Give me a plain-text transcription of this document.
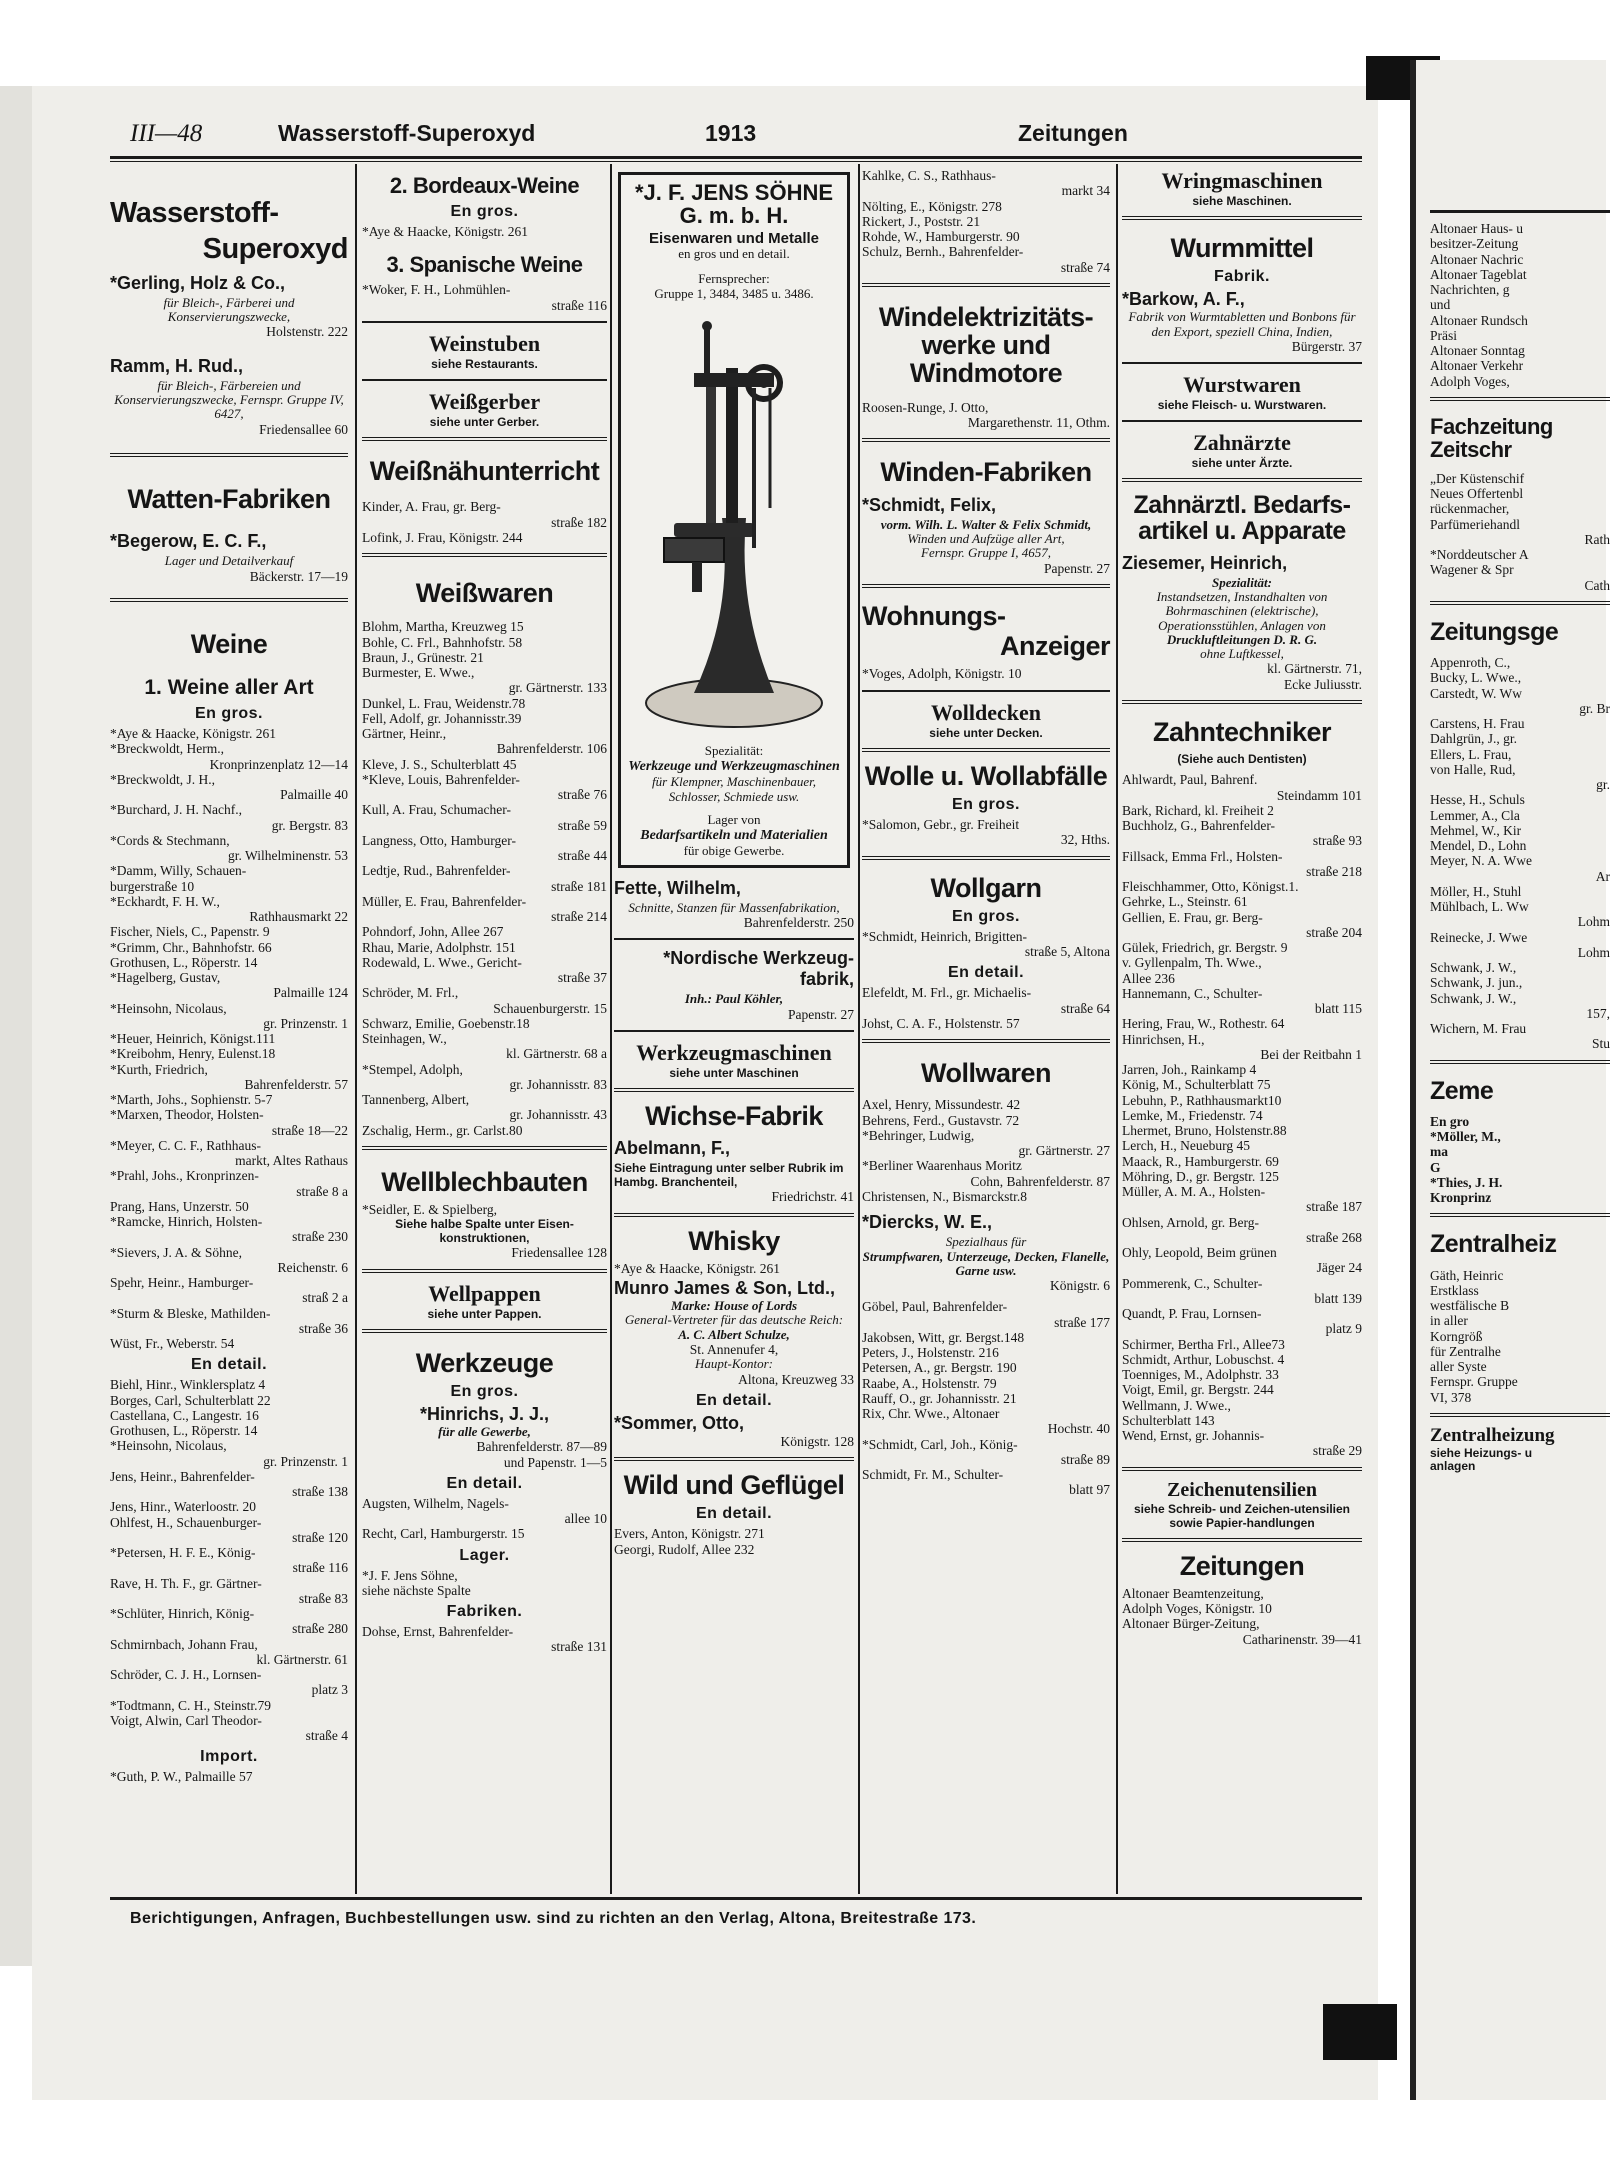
III—48	Wasserstoff-Superoxyd	1913	Zeitungen
Wasserstoff-
Superoxyd
*Gerling, Holz & Co.,
für Bleich-, Färberei und Konservierungszwecke,
Holstenstr. 222
Ramm, H. Rud.,
für Bleich-, Färbereien und Konservierungszwecke, Fernspr. Gruppe IV, 6427,
Friedensallee 60
Watten-Fabriken
*Begerow, E. C. F.,
Lager und Detailverkauf
Bäckerstr. 17—19
Weine
1. Weine aller Art
En gros.
*Aye & Haacke, Königstr. 261
*Breckwoldt, Herm.,
Kronprinzenplatz 12—14
*Breckwoldt, J. H.,
Palmaille 40
*Burchard, J. H. Nachf.,
gr. Bergstr. 83
*Cords & Stechmann,
gr. Wilhelminenstr. 53
*Damm, Willy, Schauen-
burgerstraße 10
*Eckhardt, F. H. W.,
Rathhausmarkt 22
Fischer, Niels, C., Papenstr. 9
*Grimm, Chr., Bahnhofstr. 66
Grothusen, L., Röperstr. 14
*Hagelberg, Gustav,
Palmaille 124
*Heinsohn, Nicolaus,
gr. Prinzenstr. 1
*Heuer, Heinrich, Königst.111
*Kreibohm, Henry, Eulenst.18
*Kurth, Friedrich,
Bahrenfelderstr. 57
*Marth, Johs., Sophienstr. 5-7
*Marxen, Theodor, Holsten-
straße 18—22
*Meyer, C. C. F., Rathhaus-
markt, Altes Rathaus
*Prahl, Johs., Kronprinzen-
straße 8 a
Prang, Hans, Unzerstr. 50
*Ramcke, Hinrich, Holsten-
straße 230
*Sievers, J. A. & Söhne,
Reichenstr. 6
Spehr, Heinr., Hamburger-
straß 2 a
*Sturm & Bleske, Mathilden-
straße 36
Wüst, Fr., Weberstr. 54
En detail.
Biehl, Hinr., Winklersplatz 4
Borges, Carl, Schulterblatt 22
Castellana, C., Langestr. 16
Grothusen, L., Röperstr. 14
*Heinsohn, Nicolaus,
gr. Prinzenstr. 1
Jens, Heinr., Bahrenfelder-
straße 138
Jens, Hinr., Waterloostr. 20
Ohlfest, H., Schauenburger-
straße 120
*Petersen, H. F. E., König-
straße 116
Rave, H. Th. F., gr. Gärtner-
straße 83
*Schlüter, Hinrich, König-
straße 280
Schmirnbach, Johann Frau,
kl. Gärtnerstr. 61
Schröder, C. J. H., Lornsen-
platz 3
*Todtmann, C. H., Steinstr.79
Voigt, Alwin, Carl Theodor-
straße 4
Import.
*Guth, P. W., Palmaille 57
2. Bordeaux-Weine
En gros.
*Aye & Haacke, Königstr. 261
3. Spanische Weine
*Woker, F. H., Lohmühlen-
straße 116
Weinstuben
siehe Restaurants.
Weißgerber
siehe unter Gerber.
Weißnähunterricht
Kinder, A. Frau, gr. Berg-
straße 182
Lofink, J. Frau, Königstr. 244
Weißwaren
Blohm, Martha, Kreuzweg 15
Bohle, C. Frl., Bahnhofstr. 58
Braun, J., Grünestr. 21
Burmester, E. Wwe.,
gr. Gärtnerstr. 133
Dunkel, L. Frau, Weidenstr.78
Fell, Adolf, gr. Johannisstr.39
Gärtner, Heinr.,
Bahrenfelderstr. 106
Kleve, J. S., Schulterblatt 45
*Kleve, Louis, Bahrenfelder-
straße 76
Kull, A. Frau, Schumacher-
straße 59
Langness, Otto, Hamburger-
straße 44
Ledtje, Rud., Bahrenfelder-
straße 181
Müller, E. Frau, Bahrenfelder-
straße 214
Pohndorf, John, Allee 267
Rhau, Marie, Adolphstr. 151
Rodewald, L. Wwe., Gericht-
straße 37
Schröder, M. Frl.,
Schauenburgerstr. 15
Schwarz, Emilie, Goebenstr.18
Steinhagen, W.,
kl. Gärtnerstr. 68 a
*Stempel, Adolph,
gr. Johannisstr. 83
Tannenberg, Albert,
gr. Johannisstr. 43
Zschalig, Herm., gr. Carlst.80
Wellblechbauten
*Seidler, E. & Spielberg,
Siehe halbe Spalte unter Eisen-konstruktionen,
Friedensallee 128
Wellpappen
siehe unter Pappen.
Werkzeuge
En gros.
*Hinrichs, J. J.,
für alle Gewerbe,
Bahrenfelderstr. 87—89
und Papenstr. 1—5
En detail.
Augsten, Wilhelm, Nagels-
allee 10
Recht, Carl, Hamburgerstr. 15
Lager.
*J. F. Jens Söhne,
siehe nächste Spalte
Fabriken.
Dohse, Ernst, Bahrenfelder-
straße 131
*J. F. JENS SÖHNE
G. m. b. H.
Eisenwaren und Metalle
en gros und en detail.
Fernsprecher:
Gruppe 1, 3484, 3485 u. 3486.
Spezialität:
Werkzeuge und Werkzeugmaschinen
für Klempner, Maschinenbauer, Schlosser, Schmiede usw.
Lager von
Bedarfsartikeln und Materialien
für obige Gewerbe.
Fette, Wilhelm,
Schnitte, Stanzen für Massenfabrikation,
Bahrenfelderstr. 250
*Nordische Werkzeug-fabrik,
Inh.: Paul Köhler,
Papenstr. 27
Werkzeugmaschinen
siehe unter Maschinen
Wichse-Fabrik
Abelmann, F.,
Siehe Eintragung unter selber Rubrik im Hambg. Branchenteil,
Friedrichstr. 41
Whisky
*Aye & Haacke, Königstr. 261
Munro James & Son, Ltd.,
Marke: House of Lords
General-Vertreter für das deutsche Reich:
A. C. Albert Schulze,
St. Annenufer 4,
Haupt-Kontor:
Altona, Kreuzweg 33
En detail.
*Sommer, Otto,
Königstr. 128
Wild und Geflügel
En detail.
Evers, Anton, Königstr. 271
Georgi, Rudolf, Allee 232
Kahlke, C. S., Rathhaus-
markt 34
Nölting, E., Königstr. 278
Rickert, J., Poststr. 21
Rohde, W., Hamburgerstr. 90
Schulz, Bernh., Bahrenfelder-
straße 74
Windelektrizitäts-werke und Windmotore
Roosen-Runge, J. Otto,
Margarethenstr. 11, Othm.
Winden-Fabriken
*Schmidt, Felix,
vorm. Wilh. L. Walter & Felix Schmidt,
Winden und Aufzüge aller Art,
Fernspr. Gruppe I, 4657,
Papenstr. 27
Wohnungs-
Anzeiger
*Voges, Adolph, Königstr. 10
Wolldecken
siehe unter Decken.
Wolle u. Wollabfälle
En gros.
*Salomon, Gebr., gr. Freiheit
32, Hths.
Wollgarn
En gros.
*Schmidt, Heinrich, Brigitten-
straße 5, Altona
En detail.
Elefeldt, M. Frl., gr. Michaelis-
straße 64
Johst, C. A. F., Holstenstr. 57
Wollwaren
Axel, Henry, Missundestr. 42
Behrens, Ferd., Gustavstr. 72
*Behringer, Ludwig,
gr. Gärtnerstr. 27
*Berliner Waarenhaus Moritz
Cohn, Bahrenfelderstr. 87
Christensen, N., Bismarckstr.8
*Diercks, W. E.,
Spezialhaus für
Strumpfwaren, Unterzeuge, Decken, Flanelle, Garne usw.
Königstr. 6
Göbel, Paul, Bahrenfelder-
straße 177
Jakobsen, Witt, gr. Bergst.148
Peters, J., Holstenstr. 216
Petersen, A., gr. Bergstr. 190
Raabe, A., Holstenstr. 79
Rauff, O., gr. Johannisstr. 21
Rix, Chr. Wwe., Altonaer
Hochstr. 40
*Schmidt, Carl, Joh., König-
straße 89
Schmidt, Fr. M., Schulter-
blatt 97
Wringmaschinen
siehe Maschinen.
Wurmmittel
Fabrik.
*Barkow, A. F.,
Fabrik von Wurmtabletten und Bonbons für den Export, speziell China, Indien,
Bürgerstr. 37
Wurstwaren
siehe Fleisch- u. Wurstwaren.
Zahnärzte
siehe unter Ärzte.
Zahnärztl. Bedarfs-artikel u. Apparate
Ziesemer, Heinrich,
Spezialität:
Instandsetzen, Instandhalten von Bohrmaschinen (elektrische), Operationsstühlen, Anlagen von
Druckluftleitungen D. R. G.
ohne Luftkessel,
kl. Gärtnerstr. 71,
Ecke Juliusstr.
Zahntechniker
(Siehe auch Dentisten)
Ahlwardt, Paul, Bahrenf.
Steindamm 101
Bark, Richard, kl. Freiheit 2
Buchholz, G., Bahrenfelder-
straße 93
Fillsack, Emma Frl., Holsten-
straße 218
Fleischhammer, Otto, Königst.1.
Gehrke, L., Steinstr. 61
Gellien, E. Frau, gr. Berg-
straße 204
Gülek, Friedrich, gr. Bergstr. 9
v. Gyllenpalm, Th. Wwe.,
Allee 236
Hannemann, C., Schulter-
blatt 115
Hering, Frau, W., Rothestr. 64
Hinrichsen, H.,
Bei der Reitbahn 1
Jarren, Joh., Rainkamp 4
König, M., Schulterblatt 75
Lebuhn, P., Rathhausmarkt10
Lemke, M., Friedenstr. 74
Lhermet, Bruno, Holstenstr.88
Lerch, H., Neueburg 45
Maack, R., Hamburgerstr. 69
Möhring, D., gr. Bergstr. 125
Müller, A. M. A., Holsten-
straße 187
Ohlsen, Arnold, gr. Berg-
straße 268
Ohly, Leopold, Beim grünen
Jäger 24
Pommerenk, C., Schulter-
blatt 139
Quandt, P. Frau, Lornsen-
platz 9
Schirmer, Bertha Frl., Allee73
Schmidt, Arthur, Lobuschst. 4
Toenniges, M., Adolphstr. 33
Voigt, Emil, gr. Bergstr. 244
Wellmann, J. Wwe.,
Schulterblatt 143
Wend, Ernst, gr. Johannis-
straße 29
Zeichenutensilien
siehe Schreib- und Zeichen-utensilien sowie Papier-handlungen
Zeitungen
Altonaer Beamtenzeitung,
Adolph Voges, Königstr. 10
Altonaer Bürger-Zeitung,
Catharinenstr. 39—41
Berichtigungen, Anfragen, Buchbestellungen usw. sind zu richten an den Verlag, Altona, Breitestraße 173.
Altonaer Haus- u
besitzer-Zeitung
Altonaer Nachric
Altonaer Tageblat
Nachrichten, g
und
Altonaer Rundsch
Präsi
Altonaer Sonntag
Altonaer Verkehr
Adolph Voges,
Fachzeitung Zeitschr
„Der Küstenschif
Neues Offertenbl
rückenmacher,
Parfümeriehandl
Rath
*Norddeutscher A
Wagener & Spr
Cath
Zeitungsge
Appenroth, C.,
Bucky, L. Wwe.,
Carstedt, W. Ww
gr. Br
Carstens, H. Frau
Dahlgrün, J., gr.
Ellers, L. Frau,
von Halle, Rud,
gr.
Hesse, H., Schuls
Lemmer, A., Cla
Mehmel, W., Kir
Mendel, D., Lohn
Meyer, N. A. Wwe
Ar
Möller, H., Stuhl
Mühlbach, L. Ww
Lohm
Reinecke, J. Wwe
Lohm
Schwank, J. W.,
Schwank, J. jun.,
Schwank, J. W.,
157,
Wichern, M. Frau
Stu
Zeme
En gro
*Möller, M.,
ma
G
*Thies, J. H.
Kronprinz
Zentralheiz
Gäth, Heinric
Erstklass
westfälische B
in aller
Korngröß
für Zentralhe
aller Syste
Fernspr. Gruppe
VI, 378
Zentralheizung
siehe Heizungs- u
anlagen
